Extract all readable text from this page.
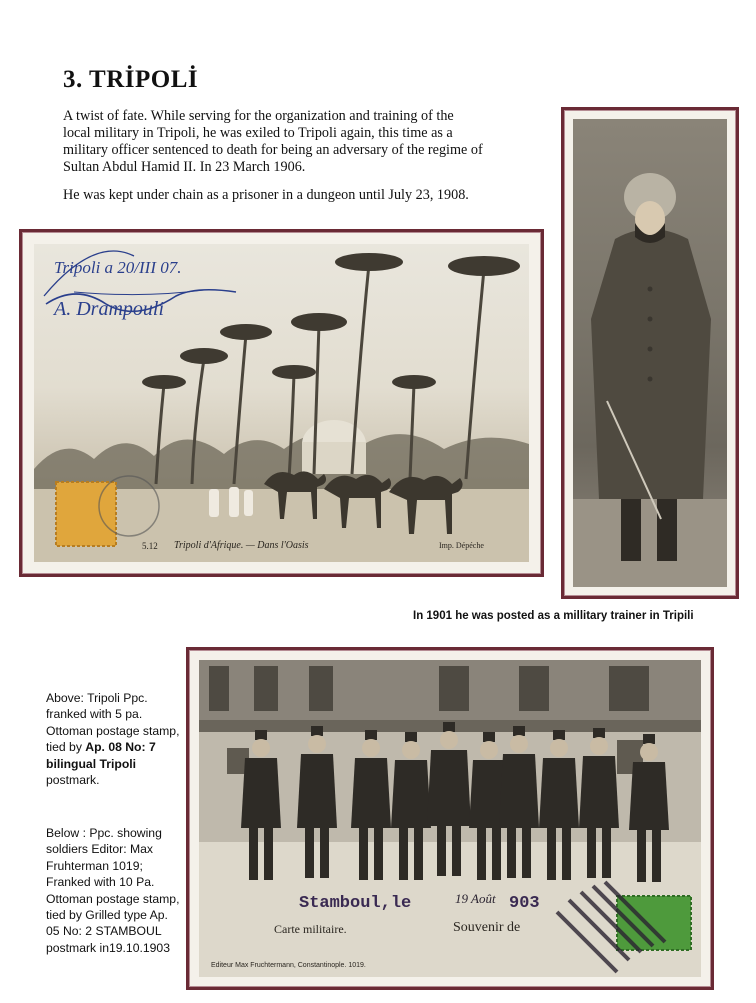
3. TRİPOLİ

A twist of fate. While serving for the organization and training of the local military in Tripoli, he was exiled to Tripoli again, this time as a military officer sentenced to death for being an adversary of the regime of Sultan Abdul Hamid II. In 23 March 1906.

He was kept under chain as a prisoner in a dungeon until July 23, 1908.

Tripoli a 20/III 07.
A. Drampouli
5.12 Tripoli d'Afrique. — Dans l'Oasis	Imp. Dépéche

In 1901 he was posted as a millitary trainer in Tripili

Above: Tripoli Ppc. franked with 5 pa. Ottoman postage stamp, tied by Ap. 08 No: 7 bilingual Tripoli postmark.

Below : Ppc. showing soldiers Editor: Max Fruhterman 1019; Franked with 10 Pa. Ottoman postage stamp, tied by Grilled type Ap. 05 No: 2 STAMBOUL postmark in19.10.1903

Stamboul,le	19 Août 903
Carte militaire.	Souvenir de
Editeur Max Fruchtermann, Constantinople. 1019.
